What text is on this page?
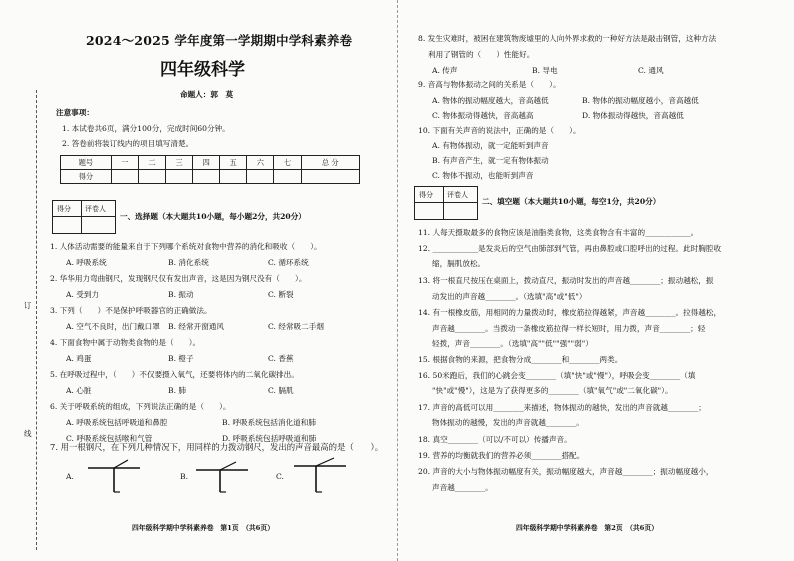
2024～2025 学年度第一学期期中学科素养卷
四年级科学
命题人：郭　莫
订
线
注意事项：
1. 本试卷共6页，满分100分，完成时间60分钟。
2. 答卷前将装订线内的项目填写清楚。
题号	一	二	三	四	五	六	七	总 分
得分								
得分 评卷人
一、选择题（本大题共10小题，每小题2分，共20分）
1. 人体活动需要的能量来自于下列哪个系统对食物中营养的消化和吸收（　　）。
A. 呼吸系统	B. 消化系统	C. 循环系统
2. 华华用力弯曲钢尺，发现钢尺仅有发出声音，这是因为钢尺没有（　　）。
A. 受到力	B. 振动	C. 断裂
3. 下列（　　）不是保护呼吸器官的正确做法。
A. 空气不良时，出门戴口罩 B. 经常开窗通风	C. 经常吸二手烟
4. 下面食物中属于动物类食物的是（　　）。
A. 鸡蛋	B. 橙子	C. 香蕉
5. 在呼吸过程中，（　　）不仅要摄入氧气，还要将体内的二氧化碳排出。
A. 心脏	B. 肺	C. 膈肌
6. 关于呼吸系统的组成，下列说法正确的是（　　）。
A. 呼吸系统包括呼吸道和鼻腔	B. 呼吸系统包括消化道和肺
C. 呼吸系统包括喉和气管	D. 呼吸系统包括呼吸道和肺
7. 用一根钢尺，在下列几种情况下，用同样的力拨动钢尺，发出的声音最高的是（　　）。
A.	B.	C.
四年级科学期中学科素养卷　第1页　（共6页）
8. 发生灾难时，被困在建筑物废墟里的人向外界求救的一种好方法是敲击钢管，这种方法
利用了钢管的（　　）性能好。
A. 传声	B. 导电	C. 通风
9. 音高与物体振动之间的关系是（　　）。
A. 物体的振动幅度越大，音高越低	B. 物体的振动幅度越小，音高越低
C. 物体振动得越快，音高越高	D. 物体振动得越快，音高越低
10. 下面有关声音的说法中，正确的是（　　）。
A. 有物体振动，就一定能听到声音
B. 有声音产生，就一定有物体振动
C. 物体不振动，也能听到声音
得分 评卷人
二、填空题（本大题共10小题，每空1分，共20分）
11. 人每天摄取最多的食物应该是油脂类食物，这类食物含有丰富的____________。
12. ____________是发炎后的空气由肺部到气管，再由鼻腔或口腔呼出的过程。此时胸腔收
缩，膈肌放松。
13. 将一根直尺按压在桌面上，拨动直尺，振动时发出的声音越________；振动越松，振
动发出的声音越________。（选填"高"或"低"）
14. 有一根橡皮筋，用相同的力量拨动时，橡皮筋拉得越紧，声音越________。拉得越松，
声音越________。当拨动一条橡皮筋拉得一样长短时，用力拨，声音________；轻
轻拨，声音________。（选填"高""低""强""弱"）
15. 根据食物的来源，把食物分成________和________两类。
16. 50米跑后，我们的心跳会变________（填"快"或"慢"），呼吸会变________（填
"快"或"慢"），这是为了获得更多的________（填"氧气"或"二氧化碳"）。
17. 声音的高低可以用________来描述，物体振动的越快，发出的声音就越________；
物体振动的越慢，发出的声音就越________。
18. 真空________（可以/不可以）传播声音。
19. 营养的均衡就我们的营养必须________搭配。
20. 声音的大小与物体振动幅度有关，振动幅度越大，声音越________；振动幅度越小，
声音越________。
四年级科学期中学科素养卷　第2页　（共6页）
